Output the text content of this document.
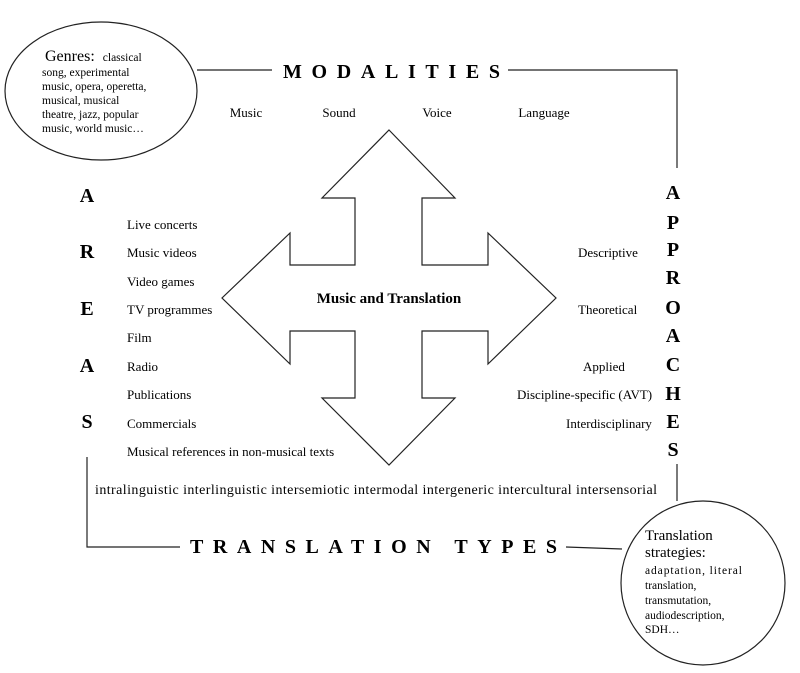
Genres: classical
song, experimental
music, opera, operetta,
musical, musical
theatre, jazz, popular
music, world music…
MODALITIES
Music	Sound	Voice	Language
Music and Translation
A
R
E
A
S
Live concerts
Music videos
Video games
TV programmes
Film
Radio
Publications
Commercials
Musical references in non-musical texts
Descriptive
Theoretical
Applied
Discipline-specific (AVT)
Interdisciplinary
A
P
P
R
O
A
C
H
E
S
intralinguistic interlinguistic intersemiotic intermodal intergeneric intercultural intersensorial
TRANSLATION TYPES	Translation
strategies:
adaptation, literal
translation,
transmutation,
audiodescription,
SDH…
